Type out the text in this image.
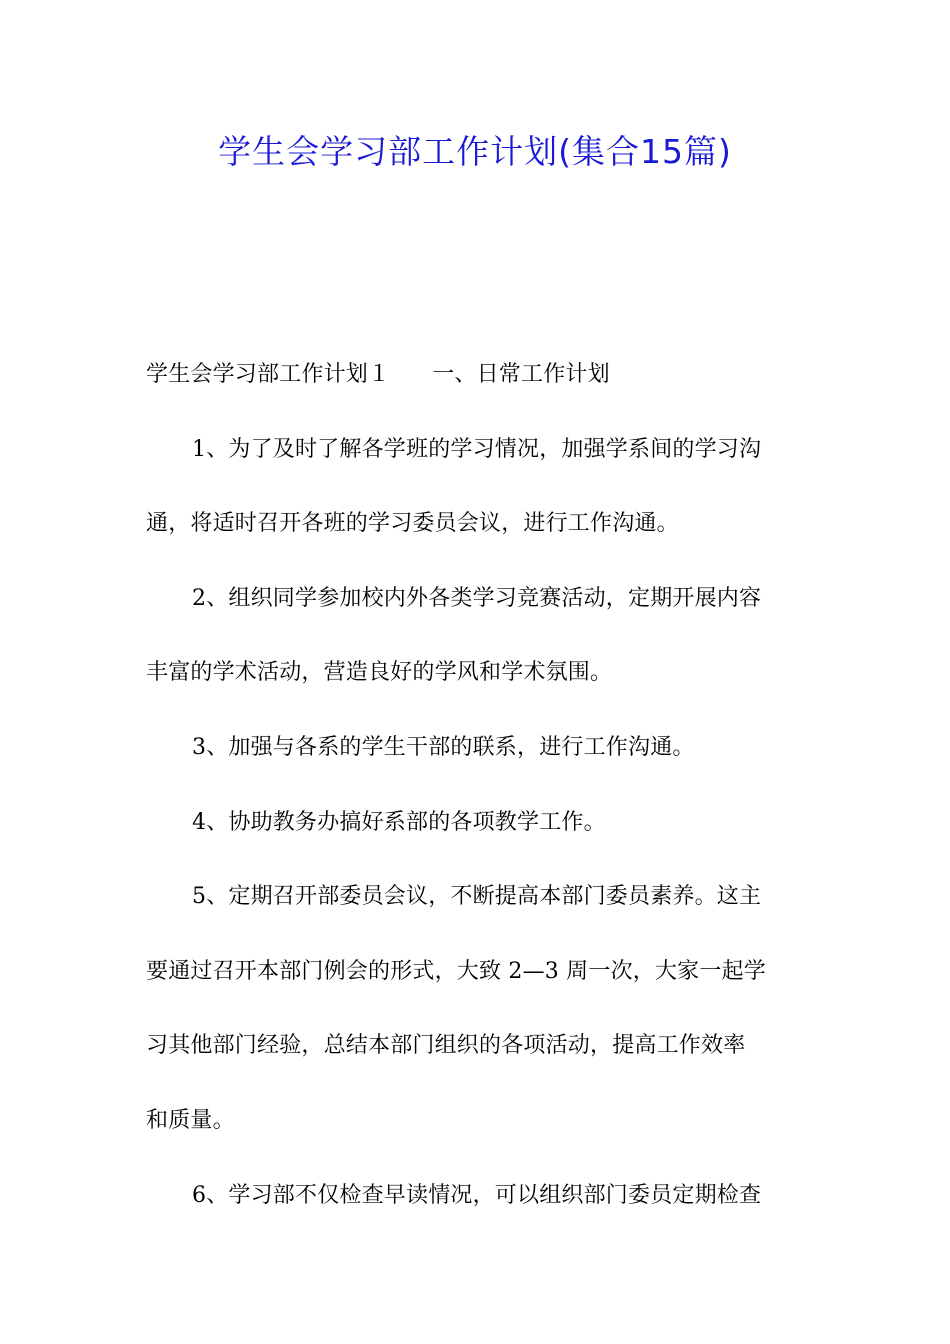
学生会学习部工作计划(集合15篇)
学生会学习部工作计划１ 一、日常工作计划
1、为了及时了解各学班的学习情况，加强学系间的学习沟
通，将适时召开各班的学习委员会议，进行工作沟通。
2、组织同学参加校内外各类学习竞赛活动，定期开展内容
丰富的学术活动，营造良好的学风和学术氛围。
3、加强与各系的学生干部的联系，进行工作沟通。
4、协助教务办搞好系部的各项教学工作。
5、定期召开部委员会议，不断提高本部门委员素养。这主
要通过召开本部门例会的形式，大致 2—3 周一次，大家一起学
习其他部门经验，总结本部门组织的各项活动，提高工作效率
和质量。
6、学习部不仅检查早读情况，可以组织部门委员定期检查
